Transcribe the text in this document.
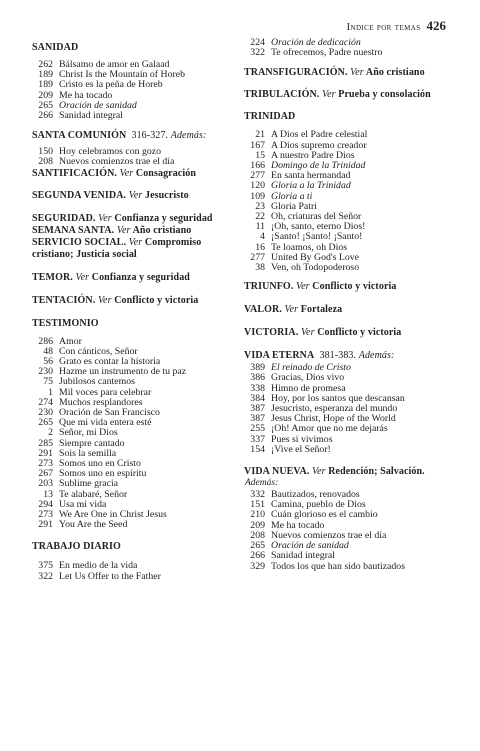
Indice por temas 426
SANIDAD
262 Bálsamo de amor en Galaad
189 Christ Is the Mountain of Horeb
189 Cristo es la peña de Horeb
209 Me ha tocado
265 Oración de sanidad
266 Sanidad integral
SANTA COMUNIÓN 316-327. Además:
150 Hoy celebramos con gozo
208 Nuevos comienzos trae el día
SANTIFICACIÓN. Ver Consagración
SEGUNDA VENIDA. Ver Jesucristo
SEGURIDAD. Ver Confianza y seguridad
SEMANA SANTA. Ver Año cristiano
SERVICIO SOCIAL. Ver Compromiso cristiano; Justicia social
TEMOR. Ver Confianza y seguridad
TENTACIÓN. Ver Conflicto y victoria
TESTIMONIO
286 Amor
48 Con cánticos, Señor
56 Grato es contar la historia
230 Hazme un instrumento de tu paz
75 Jubilosos cantemos
1 Mil voces para celebrar
274 Muchos resplandores
230 Oración de San Francisco
265 Que mi vida entera esté
2 Señor, mi Dios
285 Siempre cantado
291 Sois la semilla
273 Somos uno en Cristo
267 Somos uno en espíritu
203 Sublime gracia
13 Te alabaré, Señor
294 Usa mi vida
273 We Are One in Christ Jesus
291 You Are the Seed
TRABAJO DIARIO
375 En medio de la vida
322 Let Us Offer to the Father
224 Oración de dedicación
322 Te ofrecemos, Padre nuestro
TRANSFIGURACIÓN. Ver Año cristiano
TRIBULACIÓN. Ver Prueba y consolación
TRINIDAD
21 A Dios el Padre celestial
167 A Dios supremo creador
15 A nuestro Padre Dios
166 Domingo de la Trinidad
277 En santa hermandad
120 Gloria a la Trinidad
109 Gloria a ti
23 Gloria Patri
22 Oh, criaturas del Señor
11 ¡Oh, santo, eterno Dios!
4 ¡Santo! ¡Santo! ¡Santo!
16 Te loamos, oh Dios
277 United By God's Love
38 Ven, oh Todopoderoso
TRIUNFO. Ver Conflicto y victoria
VALOR. Ver Fortaleza
VICTORIA. Ver Conflicto y victoria
VIDA ETERNA 381-383. Además:
389 El reinado de Cristo
386 Gracias, Dios vivo
338 Himno de promesa
384 Hoy, por los santos que descansan
387 Jesucristo, esperanza del mundo
387 Jesus Christ, Hope of the World
255 ¡Oh! Amor que no me dejarás
337 Pues si vivimos
154 ¡Vive el Señor!
VIDA NUEVA. Ver Redención; Salvación.
Además:
332 Bautizados, renovados
151 Camina, pueblo de Dios
210 Cuán glorioso es el cambio
209 Me ha tocado
208 Nuevos comienzos trae el día
265 Oración de sanidad
266 Sanidad integral
329 Todos los que han sido bautizados
